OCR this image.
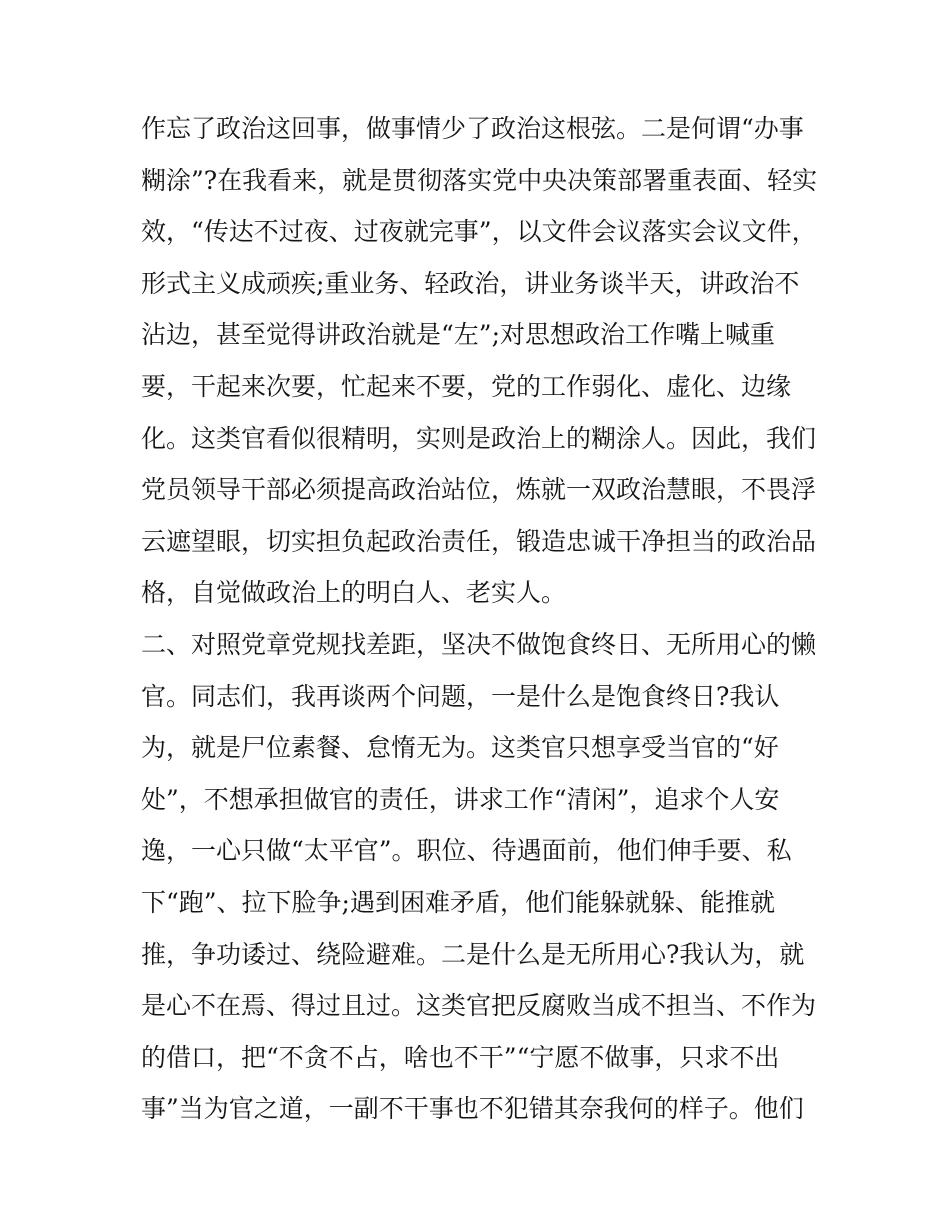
作忘了政治这回事，做事情少了政治这根弦。二是何谓“办事
糊涂”?在我看来，就是贯彻落实党中央决策部署重表面、轻实
效，“传达不过夜、过夜就完事”，以文件会议落实会议文件，
形式主义成顽疾;重业务、轻政治，讲业务谈半天，讲政治不
沾边，甚至觉得讲政治就是“左”;对思想政治工作嘴上喊重
要，干起来次要，忙起来不要，党的工作弱化、虚化、边缘
化。这类官看似很精明，实则是政治上的糊涂人。因此，我们
党员领导干部必须提高政治站位，炼就一双政治慧眼，不畏浮
云遮望眼，切实担负起政治责任，锻造忠诚干净担当的政治品
格，自觉做政治上的明白人、老实人。
二、对照党章党规找差距，坚决不做饱食终日、无所用心的懒
官。同志们，我再谈两个问题，一是什么是饱食终日?我认
为，就是尸位素餐、怠惰无为。这类官只想享受当官的“好
处”，不想承担做官的责任，讲求工作“清闲”，追求个人安
逸，一心只做“太平官”。职位、待遇面前，他们伸手要、私
下“跑”、拉下脸争;遇到困难矛盾，他们能躲就躲、能推就
推，争功诿过、绕险避难。二是什么是无所用心?我认为，就
是心不在焉、得过且过。这类官把反腐败当成不担当、不作为
的借口，把“不贪不占，啥也不干”“宁愿不做事，只求不出
事”当为官之道，一副不干事也不犯错其奈我何的样子。他们
